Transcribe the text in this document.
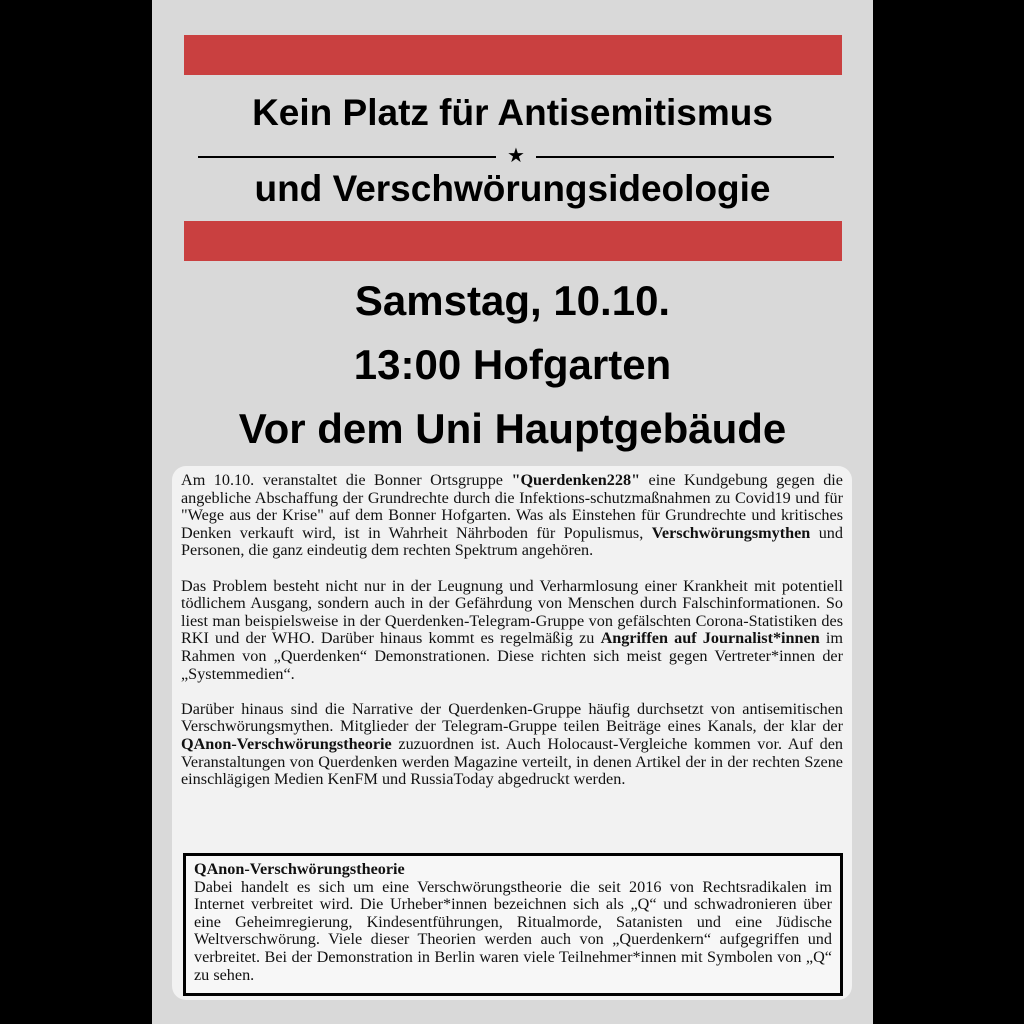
Kein Platz für Antisemitismus
★
und Verschwörungsideologie
Samstag, 10.10.
13:00 Hofgarten
Vor dem Uni Hauptgebäude

Am 10.10. veranstaltet die Bonner Ortsgruppe "Querdenken228" eine Kundgebung gegen die angebliche Abschaffung der Grundrechte durch die Infektions-schutzmaßnahmen zu Covid19 und für "Wege aus der Krise" auf dem Bonner Hofgarten. Was als Einstehen für Grundrechte und kritisches Denken verkauft wird, ist in Wahrheit Nährboden für Populismus, Verschwörungsmythen und Personen, die ganz eindeutig dem rechten Spektrum angehören.

Das Problem besteht nicht nur in der Leugnung und Verharmlosung einer Krankheit mit potentiell tödlichem Ausgang, sondern auch in der Gefährdung von Menschen durch Falschinformationen. So liest man beispielsweise in der Querdenken-Telegram-Gruppe von gefälschten Corona-Statistiken des RKI und der WHO. Darüber hinaus kommt es regelmäßig zu Angriffen auf Journalist*innen im Rahmen von „Querdenken“ Demonstrationen. Diese richten sich meist gegen Vertreter*innen der „Systemmedien“.

Darüber hinaus sind die Narrative der Querdenken-Gruppe häufig durchsetzt von antisemitischen Verschwörungsmythen. Mitglieder der Telegram-Gruppe teilen Beiträge eines Kanals, der klar der QAnon-Verschwörungstheorie zuzuordnen ist. Auch Holocaust-Vergleiche kommen vor. Auf den Veranstaltungen von Querdenken werden Magazine verteilt, in denen Artikel der in der rechten Szene einschlägigen Medien KenFM und RussiaToday abgedruckt werden.

QAnon-Verschwörungstheorie
Dabei handelt es sich um eine Verschwörungstheorie die seit 2016 von Rechtsradikalen im Internet verbreitet wird. Die Urheber*innen bezeichnen sich als „Q“ und schwadronieren über eine Geheimregierung, Kindesentführungen, Ritualmorde, Satanisten und eine Jüdische Weltverschwörung. Viele dieser Theorien werden auch von „Querdenkern“ aufgegriffen und verbreitet. Bei der Demonstration in Berlin waren viele Teilnehmer*innen mit Symbolen von „Q“ zu sehen.
